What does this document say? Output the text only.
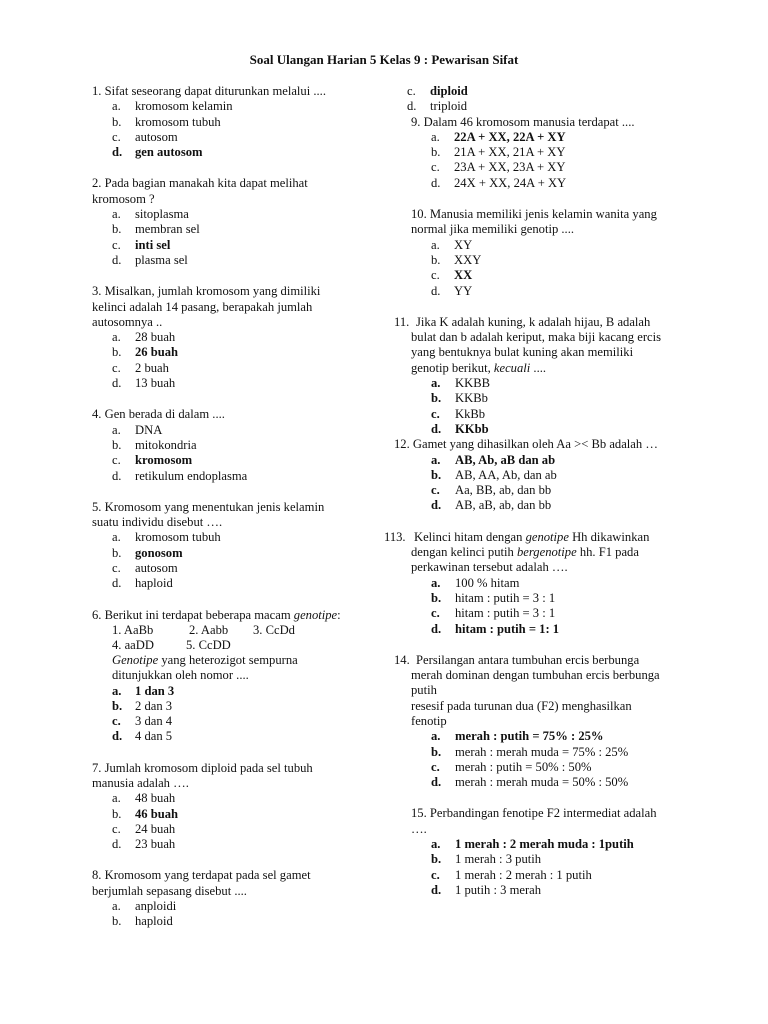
Soal Ulangan Harian 5 Kelas 9 : Pewarisan Sifat
1. Sifat seseorang dapat diturunkan melalui ....
a. kromosom kelamin
b. kromosom tubuh
c. autosom
d. gen autosom
2. Pada bagian manakah kita dapat melihat
kromosom ?
a. sitoplasma
b. membran sel
c. inti sel
d. plasma sel
3. Misalkan, jumlah kromosom yang dimiliki
kelinci adalah 14 pasang, berapakah jumlah
autosomnya ..
a. 28 buah
b. 26 buah
c. 2 buah
d. 13 buah
4. Gen berada di dalam ....
a. DNA
b. mitokondria
c. kromosom
d. retikulum endoplasma
5. Kromosom yang menentukan jenis kelamin
suatu individu disebut ….
a. kromosom tubuh
b. gonosom
c. autosom
d. haploid
6. Berikut ini terdapat beberapa macam genotipe:
1. AaBb	2. Aabb 3. CcDd
4. aaDD	5. CcDD
Genotipe yang heterozigot sempurna
ditunjukkan oleh nomor ....
a. 1 dan 3
b. 2 dan 3
c. 3 dan 4
d. 4 dan 5
7. Jumlah kromosom diploid pada sel tubuh
manusia adalah ….
a. 48 buah
b. 46 buah
c. 24 buah
d. 23 buah
8. Kromosom yang terdapat pada sel gamet
berjumlah sepasang disebut ....
a. anploidi
b. haploid
c. diploid
d. triploid
9. Dalam 46 kromosom manusia terdapat ....
a. 22A + XX, 22A + XY
b. 21A + XX, 21A + XY
c. 23A + XX, 23A + XY
d. 24X + XX, 24A + XY
10. Manusia memiliki jenis kelamin wanita yang
normal jika memiliki genotip ....
a. XY
b. XXY
c. XX
d. YY
11. Jika K adalah kuning, k adalah hijau, B adalah
bulat dan b adalah keriput, maka biji kacang ercis
yang bentuknya bulat kuning akan memiliki
genotip berikut, kecuali ....
a. KKBB
b. KKBb
c. KkBb
d. KKbb
12. Gamet yang dihasilkan oleh Aa >< Bb adalah …
a. AB, Ab, aB dan ab
b. AB, AA, Ab, dan ab
c. Aa, BB, ab, dan bb
d. AB, aB, ab, dan bb
113. Kelinci hitam dengan genotipe Hh dikawinkan
dengan kelinci putih bergenotipe hh. F1 pada
perkawinan tersebut adalah ….
a. 100 % hitam
b. hitam : putih = 3 : 1
c. hitam : putih = 3 : 1
d. hitam : putih = 1: 1
14. Persilangan antara tumbuhan ercis berbunga
merah dominan dengan tumbuhan ercis berbunga
putih
resesif pada turunan dua (F2) menghasilkan
fenotip
a. merah : putih = 75% : 25%
b. merah : merah muda = 75% : 25%
c. merah : putih = 50% : 50%
d. merah : merah muda = 50% : 50%
15. Perbandingan fenotipe F2 intermediat adalah
….
a. 1 merah : 2 merah muda : 1putih
b. 1 merah : 3 putih
c. 1 merah : 2 merah : 1 putih
d. 1 putih : 3 merah
